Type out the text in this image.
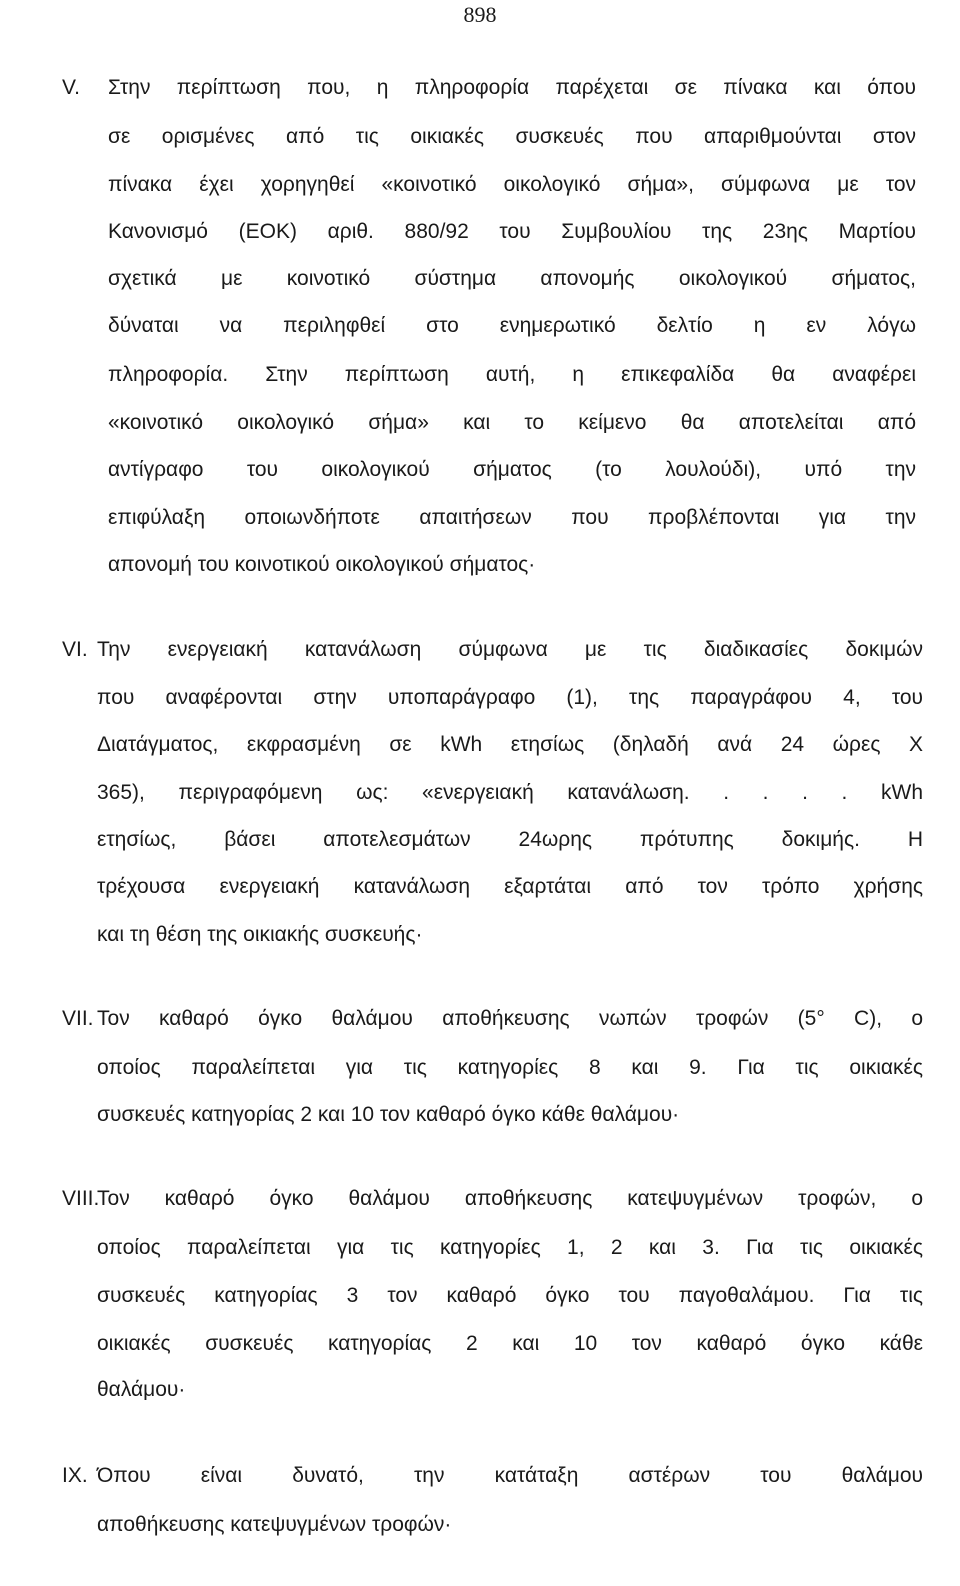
898
V. Στην περίπτωση που, η πληροφορία παρέχεται σε πίνακα και όπου
σε ορισμένες από τις οικιακές συσκευές που απαριθμούνται στον
πίνακα έχει χορηγηθεί «κοινοτικό οικολογικό σήμα», σύμφωνα με τον
Κανονισμό (ΕΟΚ) αριθ. 880/92 του Συμβουλίου της 23ης Μαρτίου
σχετικά με κοινοτικό σύστημα απονομής οικολογικού σήματος,
δύναται να περιληφθεί στο ενημερωτικό δελτίο η εν λόγω
πληροφορία. Στην περίπτωση αυτή, η επικεφαλίδα θα αναφέρει
«κοινοτικό οικολογικό σήμα» και το κείμενο θα αποτελείται από
αντίγραφο του οικολογικού σήματος (το λουλούδι), υπό την
επιφύλαξη οποιωνδήποτε απαιτήσεων που προβλέπονται για την
απονομή του κοινοτικού οικολογικού σήματος·
VI. Την ενεργειακή κατανάλωση σύμφωνα με τις διαδικασίες δοκιμών
που αναφέρονται στην υποπαράγραφο (1), της παραγράφου 4, του
Διατάγματος, εκφρασμένη σε kWh ετησίως (δηλαδή ανά 24 ώρες Χ
365), περιγραφόμενη ως: «ενεργειακή κατανάλωση. . . . . kWh
ετησίως, βάσει αποτελεσμάτων 24ωρης πρότυπης δοκιμής. Η
τρέχουσα ενεργειακή κατανάλωση εξαρτάται από τον τρόπο χρήσης
και τη θέση της οικιακής συσκευής·
VII. Τον καθαρό όγκο θαλάμου αποθήκευσης νωπών τροφών (5° C), ο
οποίος παραλείπεται για τις κατηγορίες 8 και 9. Για τις οικιακές
συσκευές κατηγορίας 2 και 10 τον καθαρό όγκο κάθε θαλάμου·
VIII.
Τον καθαρό όγκο θαλάμου αποθήκευσης κατεψυγμένων τροφών, ο
οποίος παραλείπεται για τις κατηγορίες 1, 2 και 3. Για τις οικιακές
συσκευές κατηγορίας 3 τον καθαρό όγκο του παγοθαλάμου. Για τις
οικιακές συσκευές κατηγορίας 2 και 10 τον καθαρό όγκο κάθε
θαλάμου·
IX. Όπου είναι δυνατό, την κατάταξη αστέρων του θαλάμου
αποθήκευσης κατεψυγμένων τροφών·
